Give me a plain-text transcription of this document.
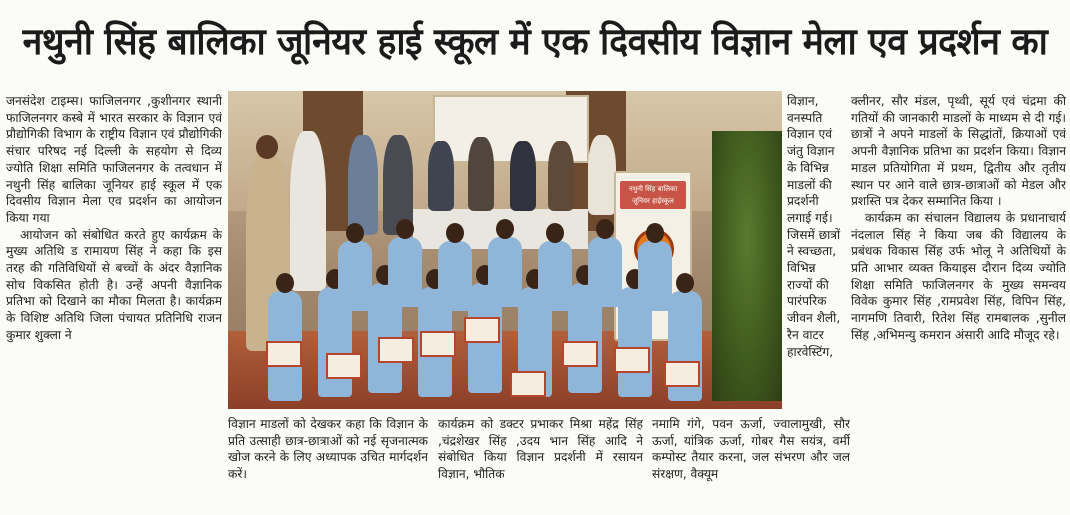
नथुनी सिंह बालिका जूनियर हाई स्कूल में एक दिवसीय विज्ञान मेला एव प्रदर्शन का

जनसंदेश टाइम्स। फाजिलनगर ,कुशीनगर स्थानी फाजिलनगर कस्बे में भारत सरकार के विज्ञान एवं प्रौद्योगिकी विभाग के राष्ट्रीय विज्ञान एवं प्रौद्योगिकी संचार परिषद नई दिल्ली के सहयोग से दिव्य ज्योति शिक्षा समिति फाजिलनगर के तत्वधान में नथुनी सिंह बालिका जूनियर हाई स्कूल में एक दिवसीय विज्ञान मेला एव प्रदर्शन का आयोजन किया गया

आयोजन को संबोधित करते हुए कार्यक्रम के मुख्य अतिथि ड रामायण सिंह ने कहा कि इस तरह की गतिविधियों से बच्चों के अंदर वैज्ञानिक सोच विकसित होती है। उन्हें अपनी वैज्ञानिक प्रतिभा को दिखाने का मौका मिलता है। कार्यक्रम के विशिष्ट अतिथि जिला पंचायत प्रतिनिधि राजन कुमार शुक्ला ने

नथुनी सिंह बालिका जूनियर हाईस्कूल
विज्ञान,
वनस्पति
विज्ञान एवं
जंतु विज्ञान
के विभिन्न
माडलों की
प्रदर्शनी
लगाई गई।
जिसमें छात्रों
ने स्वच्छता,
विभिन्न
राज्यों की
पारंपरिक
जीवन शैली,
रैन वाटर
हारवेस्टिंग,

क्लीनर, सौर मंडल, पृथ्वी, सूर्य एवं चंद्रमा की गतियों की जानकारी माडलों के माध्यम से दी गई। छात्रों ने अपने माडलों के सिद्धांतों, क्रियाओं एवं अपनी वैज्ञानिक प्रतिभा का प्रदर्शन किया। विज्ञान माडल प्रतियोगिता में प्रथम, द्वितीय और तृतीय स्थान पर आने वाले छात्र-छात्राओं को मेडल और प्रशस्ति पत्र देकर सम्मानित किया ।

कार्यक्रम का संचालन विद्यालय के प्रधानाचार्य नंदलाल सिंह ने किया जब की विद्यालय के प्रबंधक विकास सिंह उर्फ भोलू ने अतिथियों के प्रति आभार व्यक्त कियाइस दौरान दिव्य ज्योति शिक्षा समिति फाजिलनगर के मुख्य समन्वय विवेक कुमार सिंह ,रामप्रवेश सिंह, विपिन सिंह, नागमणि तिवारी, रितेश सिंह रामबालक ,सुनील सिंह ,अभिमन्यु कमरान अंसारी आदि मौजूद रहे।

विज्ञान माडलों को देखकर कहा कि विज्ञान के प्रति उत्साही छात्र-छात्राओं को नई सृजनात्मक खोज करने के लिए अध्यापक उचित मार्गदर्शन करें।

कार्यक्रम को डक्टर प्रभाकर मिश्रा महेंद्र सिंह ,चंद्रशेखर सिंह ,उदय भान सिंह आदि ने संबोधित किया विज्ञान प्रदर्शनी में रसायन विज्ञान, भौतिक

नमामि गंगे, पवन ऊर्जा, ज्वालामुखी, सौर ऊर्जा, यांत्रिक ऊर्जा, गोबर गैस सयंत्र, वर्मी कम्पोस्ट तैयार करना, जल संभरण और जल संरक्षण, वैक्यूम
